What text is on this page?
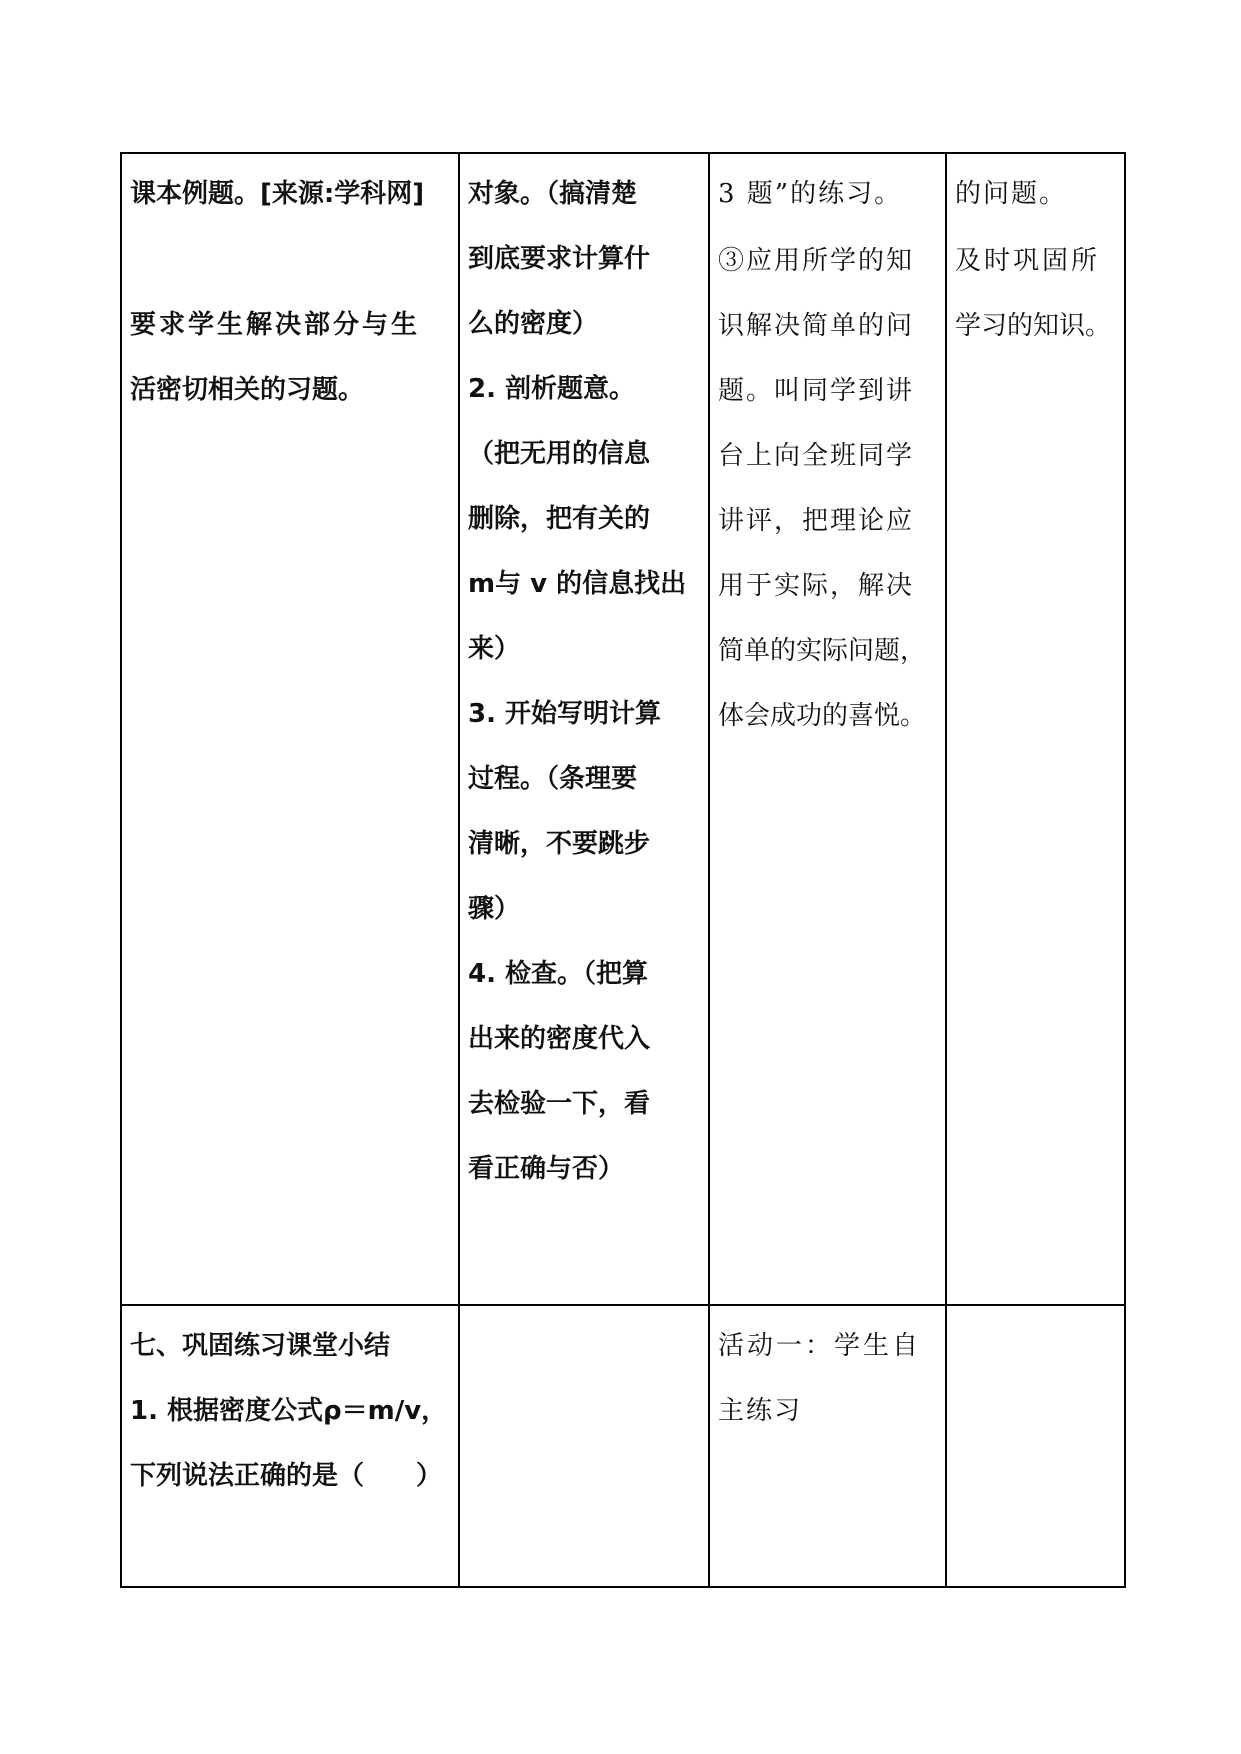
课本例题。[来源:学科网]

要求学生解决部分与生

活密切相关的习题。

对象。（搞清楚

到底要求计算什

么的密度）

2. 剖析题意。

（把无用的信息

删除，把有关的

m与 v 的信息找出

来）

3. 开始写明计算

过程。（条理要

清晰，不要跳步

骤）

4. 检查。（把算

出来的密度代入

去检验一下，看

看正确与否）

3 题”的练习。

③应用所学的知

识解决简单的问

题。叫同学到讲

台上向全班同学

讲评，把理论应

用于实际，解决

简单的实际问题，

体会成功的喜悦。

的问题。

及时巩固所

学习的知识。

七、巩固练习课堂小结

1. 根据密度公式ρ＝m/v，

下列说法正确的是（　　）

活动一：学生自

主练习
